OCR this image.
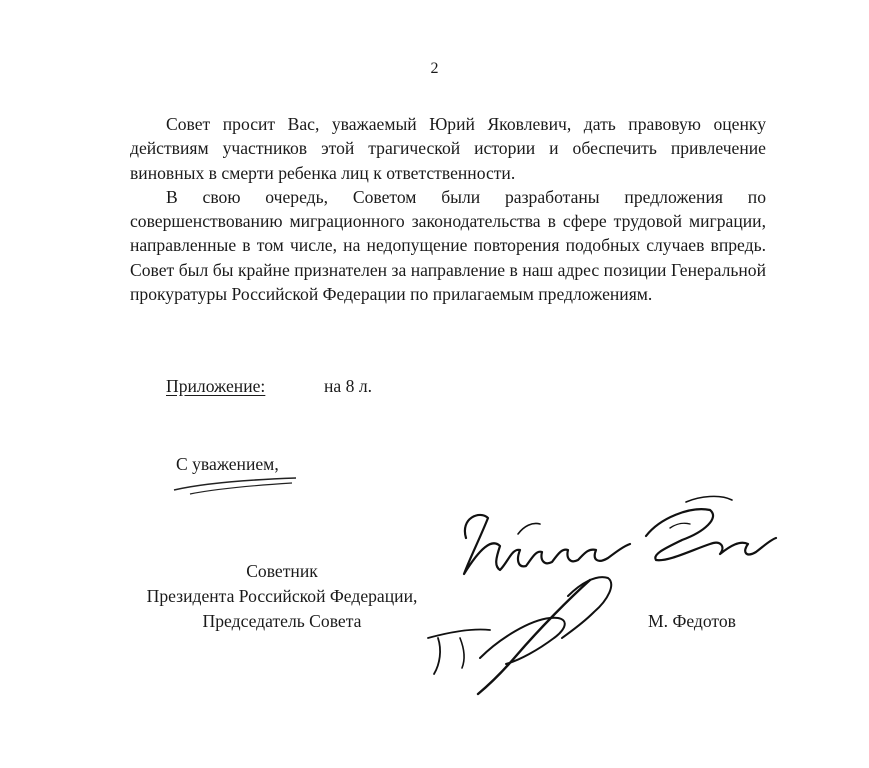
2

Совет просит Вас, уважаемый Юрий Яковлевич, дать правовую оценку действиям участников этой трагической истории и обеспечить привлечение виновных в смерти ребенка лиц к ответственности.

В свою очередь, Советом были разработаны предложения по совершенствованию миграционного законодательства в сфере трудовой миграции, направленные в том числе, на недопущение повторения подобных случаев впредь. Совет был бы крайне признателен за направление в наш адрес позиции Генеральной прокуратуры Российской Федерации по прилагаемым предложениям.

Приложение:	на 8 л.
С уважением,
Советник
Президента Российской Федерации,
Председатель Совета	М. Федотов
